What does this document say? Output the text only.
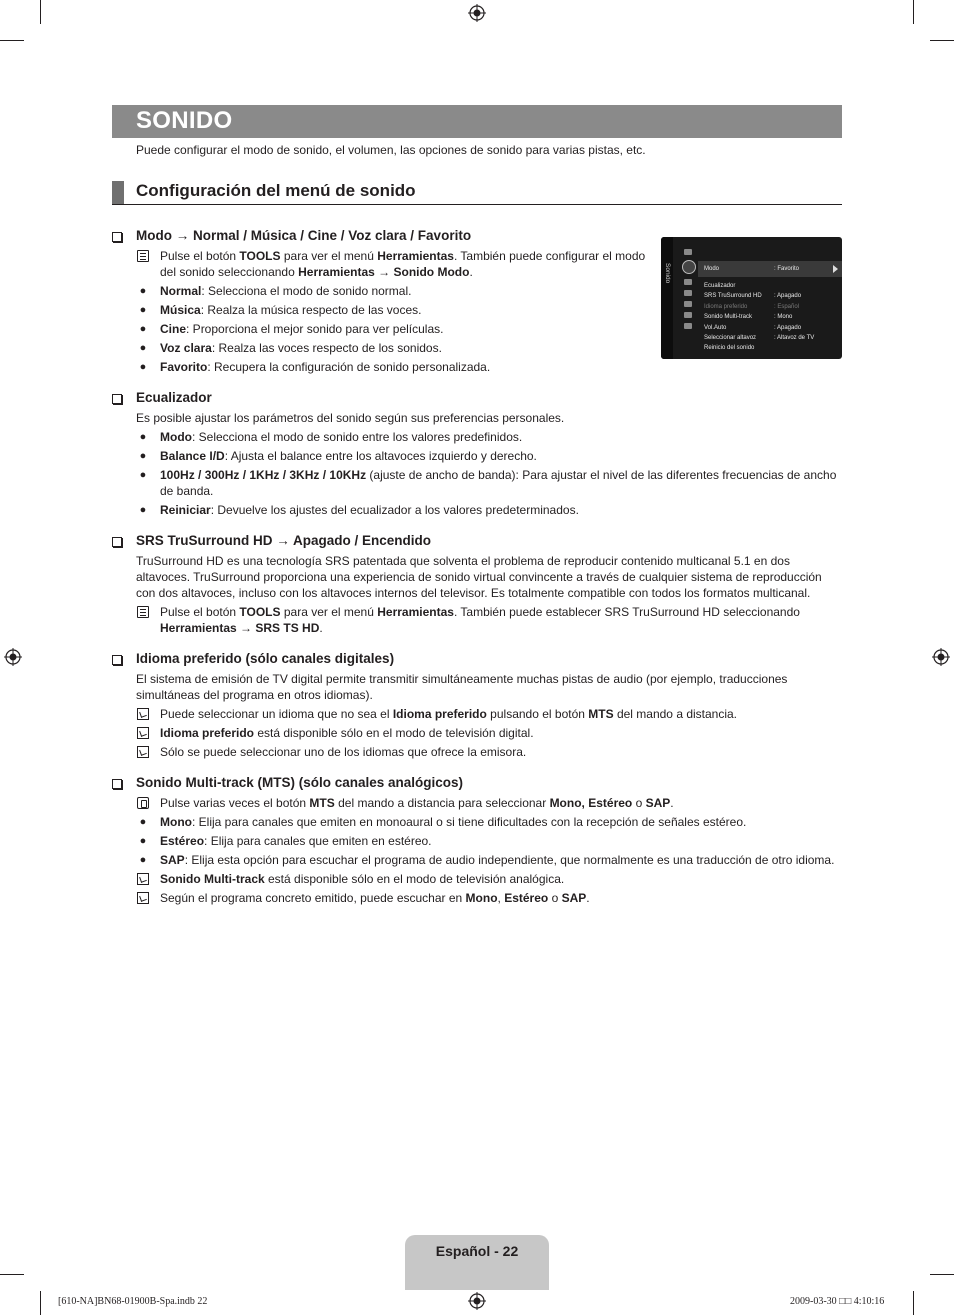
SONIDO
Puede configurar el modo de sonido, el volumen, las opciones de sonido para varias pistas, etc.
Configuración del menú de sonido
Sonido	Modo	: Favorito
Ecualizador
SRS TruSurround HD : Apagado
Idioma preferido	: Español
Sonido Multi-track	: Mono
Vol.Auto	: Apagado
Seleccionar altavoz	: Altavoz de TV
Reinicio del sonido
Modo → Normal / Música / Cine / Voz clara / Favorito
Pulse el botón TOOLS para ver el menú Herramientas. También puede configurar el modo del sonido seleccionando Herramientas → Sonido Modo.
●	Normal: Selecciona el modo de sonido normal.
●	Música: Realza la música respecto de las voces.
●	Cine: Proporciona el mejor sonido para ver películas.
●	Voz clara: Realza las voces respecto de los sonidos.
●	Favorito: Recupera la configuración de sonido personalizada.
Ecualizador
Es posible ajustar los parámetros del sonido según sus preferencias personales.
●	Modo: Selecciona el modo de sonido entre los valores predefinidos.
●	Balance I/D: Ajusta el balance entre los altavoces izquierdo y derecho.
●	100Hz / 300Hz / 1KHz / 3KHz / 10KHz (ajuste de ancho de banda): Para ajustar el nivel de las diferentes frecuencias de ancho de banda.
●	Reiniciar: Devuelve los ajustes del ecualizador a los valores predeterminados.
SRS TruSurround HD → Apagado / Encendido
TruSurround HD es una tecnología SRS patentada que solventa el problema de reproducir contenido multicanal 5.1 en dos altavoces. TruSurround proporciona una experiencia de sonido virtual convincente a través de cualquier sistema de reproducción con dos altavoces, incluso con los altavoces internos del televisor. Es totalmente compatible con todos los formatos multicanal.
Pulse el botón TOOLS para ver el menú Herramientas. También puede establecer SRS TruSurround HD seleccionando Herramientas → SRS TS HD.
Idioma preferido (sólo canales digitales)
El sistema de emisión de TV digital permite transmitir simultáneamente muchas pistas de audio (por ejemplo, traducciones simultáneas del programa en otros idiomas).
Puede seleccionar un idioma que no sea el Idioma preferido pulsando el botón MTS del mando a distancia.
Idioma preferido está disponible sólo en el modo de televisión digital.
Sólo se puede seleccionar uno de los idiomas que ofrece la emisora.
Sonido Multi-track (MTS) (sólo canales analógicos)
Pulse varias veces el botón MTS del mando a distancia para seleccionar Mono, Estéreo o SAP.
●	Mono: Elija para canales que emiten en monoaural o si tiene dificultades con la recepción de señales estéreo.
●	Estéreo: Elija para canales que emiten en estéreo.
●	SAP: Elija esta opción para escuchar el programa de audio independiente, que normalmente es una traducción de otro idioma.
Sonido Multi-track está disponible sólo en el modo de televisión analógica.
Según el programa concreto emitido, puede escuchar en Mono, Estéreo o SAP.
Español - 22
[610-NA]BN68-01900B-Spa.indb 22	2009-03-30 □□ 4:10:16
